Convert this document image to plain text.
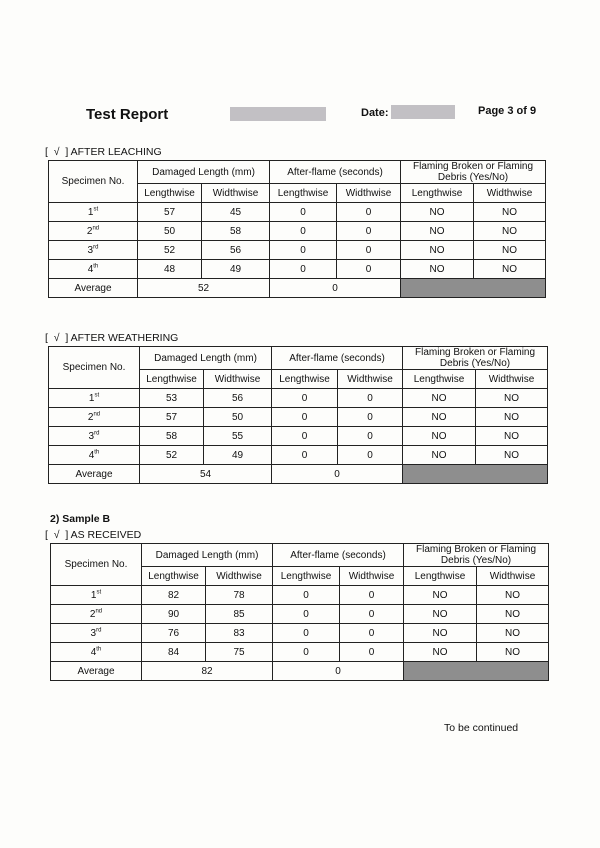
Test Report	Date:	Page 3 of 9
[  √  ] AFTER LEACHING
Specimen No.	Damaged Length (mm)		After-flame (seconds)		Flaming Broken or Flaming Debris (Yes/No)	
	Lengthwise	Widthwise	Lengthwise	Widthwise	Lengthwise	Widthwise
1st	57	45	0	0	NO	NO
2nd	50	58	0	0	NO	NO
3rd	52	56	0	0	NO	NO
4th	48	49	0	0	NO	NO
Average	52		0			
[  √  ] AFTER WEATHERING
Specimen No.	Damaged Length (mm)		After-flame (seconds)		Flaming Broken or Flaming Debris (Yes/No)	
	Lengthwise	Widthwise	Lengthwise	Widthwise	Lengthwise	Widthwise
1st	53	56	0	0	NO	NO
2nd	57	50	0	0	NO	NO
3rd	58	55	0	0	NO	NO
4th	52	49	0	0	NO	NO
Average	54		0			
2) Sample B
[  √  ] AS RECEIVED
Specimen No.	Damaged Length (mm)		After-flame (seconds)		Flaming Broken or Flaming Debris (Yes/No)	
	Lengthwise	Widthwise	Lengthwise	Widthwise	Lengthwise	Widthwise
1st	82	78	0	0	NO	NO
2nd	90	85	0	0	NO	NO
3rd	76	83	0	0	NO	NO
4th	84	75	0	0	NO	NO
Average	82		0			
To be continued
